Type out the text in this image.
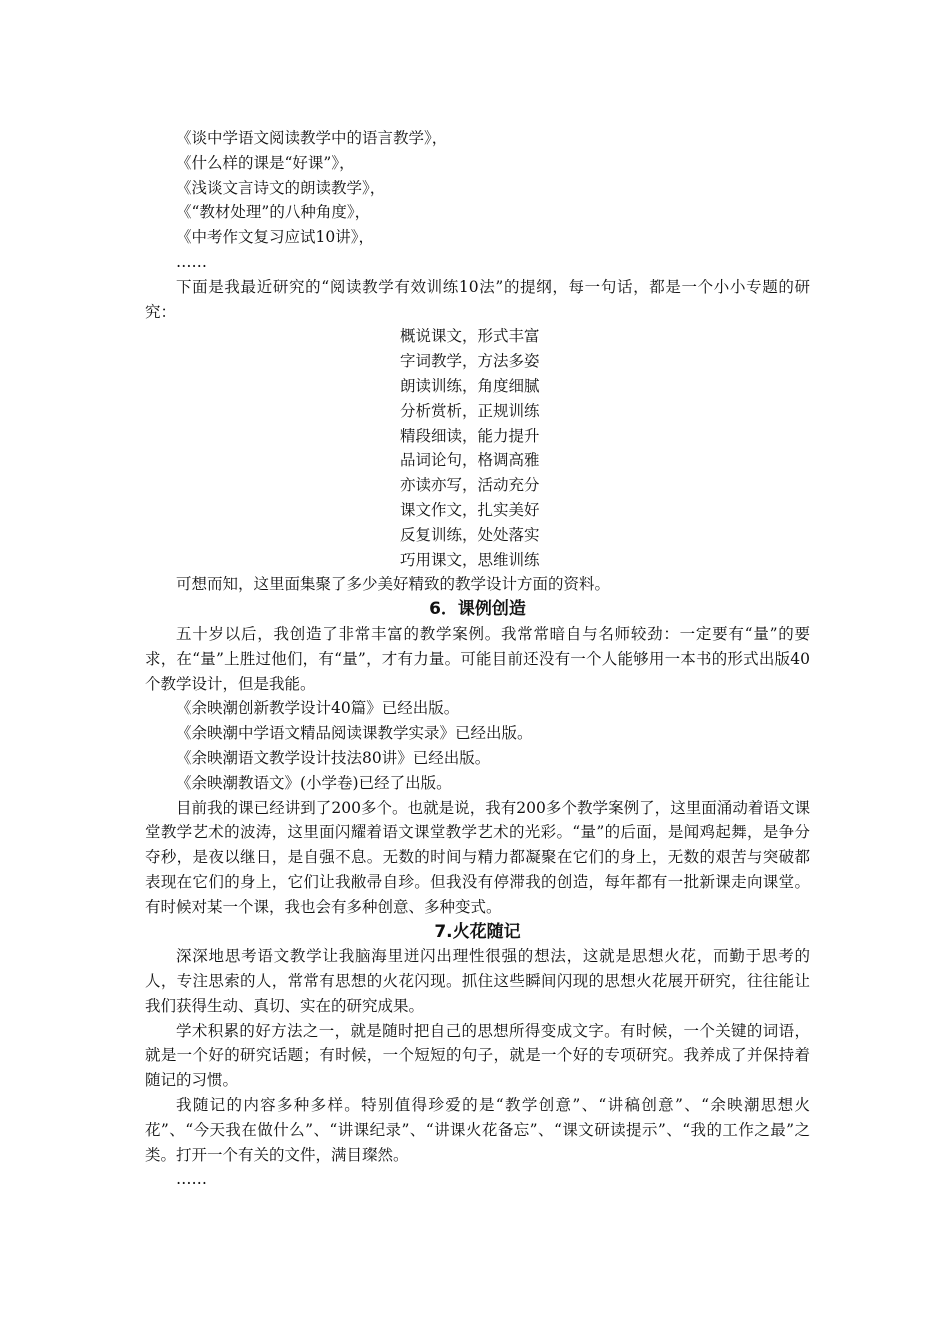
《谈中学语文阅读教学中的语言教学》，
《什么样的课是“好课”》，
《浅谈文言诗文的朗读教学》，
《“教材处理”的八种角度》，
《中考作文复习应试10讲》，
……
下面是我最近研究的“阅读教学有效训练10法”的提纲，每一句话，都是一个小小专题的研究：
概说课文，形式丰富
字词教学，方法多姿
朗读训练，角度细腻
分析赏析，正规训练
精段细读，能力提升
品词论句，格调高雅
亦读亦写，活动充分
课文作文，扎实美好
反复训练，处处落实
巧用课文，思维训练
可想而知，这里面集聚了多少美好精致的教学设计方面的资料。
6．课例创造
五十岁以后，我创造了非常丰富的教学案例。我常常暗自与名师较劲：一定要有“量”的要求，在“量”上胜过他们，有“量”，才有力量。可能目前还没有一个人能够用一本书的形式出版40个教学设计，但是我能。
《余映潮创新教学设计40篇》已经出版。
《余映潮中学语文精品阅读课教学实录》已经出版。
《余映潮语文教学设计技法80讲》已经出版。
《余映潮教语文》(小学卷)已经了出版。
目前我的课已经讲到了200多个。也就是说，我有200多个教学案例了，这里面涌动着语文课堂教学艺术的波涛，这里面闪耀着语文课堂教学艺术的光彩。“量”的后面，是闻鸡起舞，是争分夺秒，是夜以继日，是自强不息。无数的时间与精力都凝聚在它们的身上，无数的艰苦与突破都表现在它们的身上，它们让我敝帚自珍。但我没有停滞我的创造，每年都有一批新课走向课堂。有时候对某一个课，我也会有多种创意、多种变式。
7.火花随记
深深地思考语文教学让我脑海里迸闪出理性很强的想法，这就是思想火花，而勤于思考的人，专注思索的人，常常有思想的火花闪现。抓住这些瞬间闪现的思想火花展开研究，往往能让我们获得生动、真切、实在的研究成果。
学术积累的好方法之一，就是随时把自己的思想所得变成文字。有时候，一个关键的词语，就是一个好的研究话题；有时候，一个短短的句子，就是一个好的专项研究。我养成了并保持着随记的习惯。
我随记的内容多种多样。特别值得珍爱的是“教学创意”、“讲稿创意”、“余映潮思想火花”、“今天我在做什么”、“讲课纪录”、“讲课火花备忘”、“课文研读提示”、“我的工作之最”之类。打开一个有关的文件，满目璨然。
……
